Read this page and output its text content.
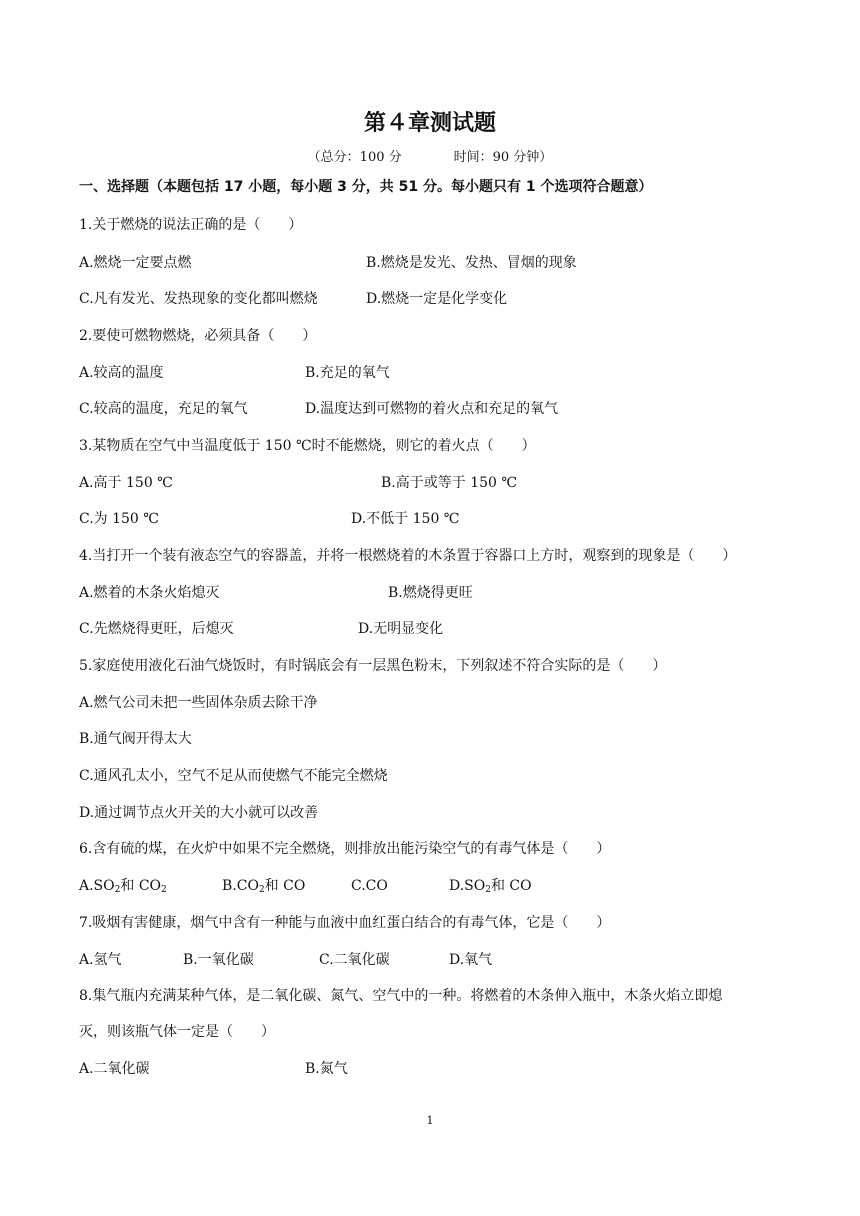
第４章测试题
（总分：100 分	时间：90 分钟）
一、选择题（本题包括 17 小题，每小题 3 分，共 51 分。每小题只有 1 个选项符合题意）
1.关于燃烧的说法正确的是（　　）
A.燃烧一定要点燃	B.燃烧是发光、发热、冒烟的现象
C.凡有发光、发热现象的变化都叫燃烧	D.燃烧一定是化学变化
2.要使可燃物燃烧，必须具备（　　）
A.较高的温度	B.充足的氧气
C.较高的温度，充足的氧气	D.温度达到可燃物的着火点和充足的氧气
3.某物质在空气中当温度低于 150 ℃时不能燃烧，则它的着火点（　　）
A.高于 150 ℃	B.高于或等于 150 ℃
C.为 150 ℃	D.不低于 150 ℃
4.当打开一个装有液态空气的容器盖，并将一根燃烧着的木条置于容器口上方时，观察到的现象是（　　）
A.燃着的木条火焰熄灭	B.燃烧得更旺
C.先燃烧得更旺，后熄灭	D.无明显变化
5.家庭使用液化石油气烧饭时，有时锅底会有一层黑色粉末，下列叙述不符合实际的是（　　）
A.燃气公司未把一些固体杂质去除干净
B.通气阀开得太大
C.通风孔太小，空气不足从而使燃气不能完全燃烧
D.通过调节点火开关的大小就可以改善
6.含有硫的煤，在火炉中如果不完全燃烧，则排放出能污染空气的有毒气体是（　　）
$A.SO_2$和 $CO_2$	$B.CO_2$和 CO	C.CO	$D.SO_2$和 CO
7.吸烟有害健康，烟气中含有一种能与血液中血红蛋白结合的有毒气体，它是（　　）
A.氢气	B.一氧化碳	C.二氧化碳	D.氧气
8.集气瓶内充满某种气体，是二氧化碳、氮气、空气中的一种。将燃着的木条伸入瓶中，木条火焰立即熄
灭，则该瓶气体一定是（　　）
A.二氧化碳	B.氮气
1
